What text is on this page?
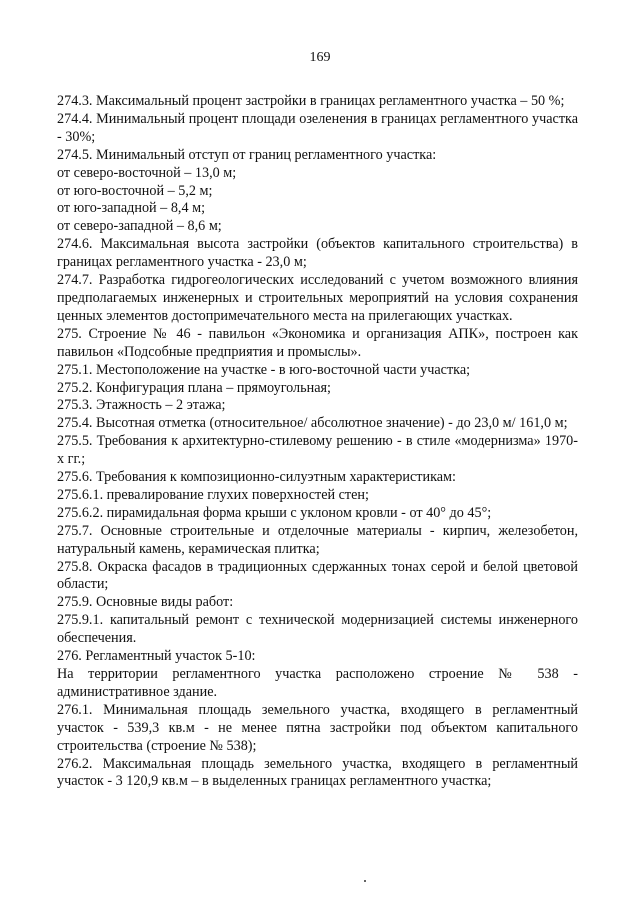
169

274.3. Максимальный процент застройки в границах регламентного участка – 50 %;

274.4. Минимальный процент площади озеленения в границах регламентного участка - 30%;

274.5. Минимальный отступ от границ регламентного участка:

от северо-восточной – 13,0 м;

от юго-восточной – 5,2 м;

от юго-западной – 8,4 м;

от северо-западной – 8,6 м;

274.6. Максимальная высота застройки (объектов капитального строительства) в границах регламентного участка - 23,0 м;

274.7. Разработка гидрогеологических исследований с учетом возможного влияния предполагаемых инженерных и строительных мероприятий на условия сохранения ценных элементов достопримечательного места на прилегающих участках.

275. Строение № 46 - павильон «Экономика и организация АПК», построен как павильон «Подсобные предприятия и промыслы».

275.1. Местоположение на участке - в юго-восточной части участка;

275.2. Конфигурация плана – прямоугольная;

275.3. Этажность – 2 этажа;

275.4. Высотная отметка (относительное/ абсолютное значение) - до 23,0 м/ 161,0 м;

275.5. Требования к архитектурно-стилевому решению - в стиле «модернизма» 1970-х гг.;

275.6. Требования к композиционно-силуэтным характеристикам:

275.6.1. превалирование глухих поверхностей стен;

275.6.2. пирамидальная форма крыши с уклоном кровли - от 40° до 45°;

275.7. Основные строительные и отделочные материалы - кирпич, железобетон, натуральный камень, керамическая плитка;

275.8. Окраска фасадов в традиционных сдержанных тонах серой и белой цветовой области;

275.9. Основные виды работ:

275.9.1. капитальный ремонт с технической модернизацией системы инженерного обеспечения.

276. Регламентный участок 5-10:

На территории регламентного участка расположено строение № 538 - административное здание.

276.1. Минимальная площадь земельного участка, входящего в регламентный участок - 539,3 кв.м - не менее пятна застройки под объектом капитального строительства (строение № 538);

276.2. Максимальная площадь земельного участка, входящего в регламентный участок - 3 120,9 кв.м – в выделенных границах регламентного участка;
